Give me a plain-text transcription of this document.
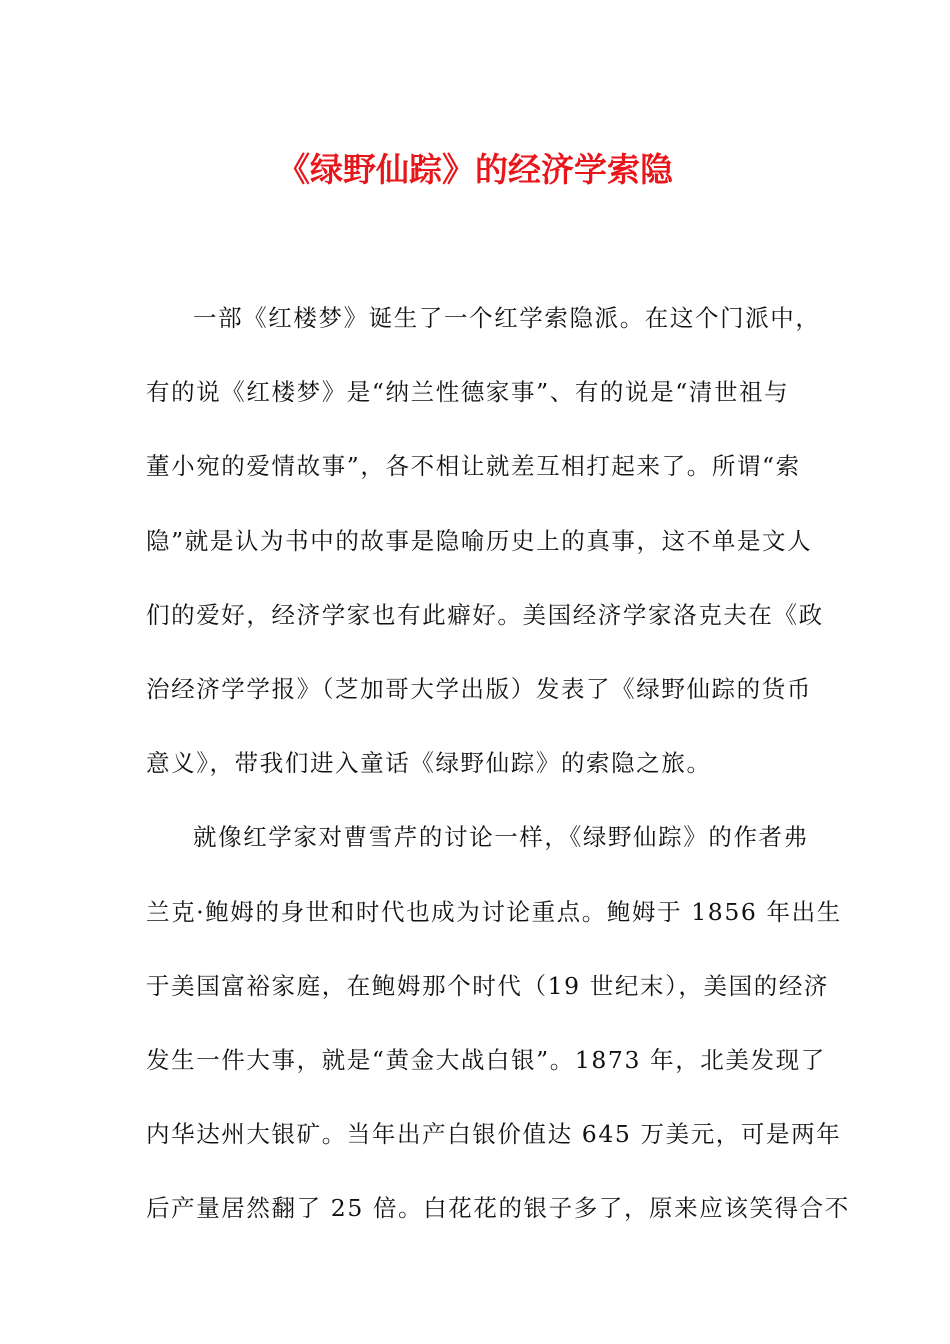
《绿野仙踪》的经济学索隐
一部《红楼梦》诞生了一个红学索隐派。在这个门派中，
有的说《红楼梦》是“纳兰性德家事”、有的说是“清世祖与
董小宛的爱情故事”，各不相让就差互相打起来了。所谓“索
隐”就是认为书中的故事是隐喻历史上的真事，这不单是文人
们的爱好，经济学家也有此癖好。美国经济学家洛克夫在《政
治经济学学报》（芝加哥大学出版）发表了《绿野仙踪的货币
意义》，带我们进入童话《绿野仙踪》的索隐之旅。
就像红学家对曹雪芹的讨论一样，《绿野仙踪》的作者弗
兰克·鲍姆的身世和时代也成为讨论重点。鲍姆于 1856 年出生
于美国富裕家庭，在鲍姆那个时代（19 世纪末），美国的经济
发生一件大事，就是“黄金大战白银”。1873 年，北美发现了
内华达州大银矿。当年出产白银价值达 645 万美元，可是两年
后产量居然翻了 25 倍。白花花的银子多了，原来应该笑得合不
